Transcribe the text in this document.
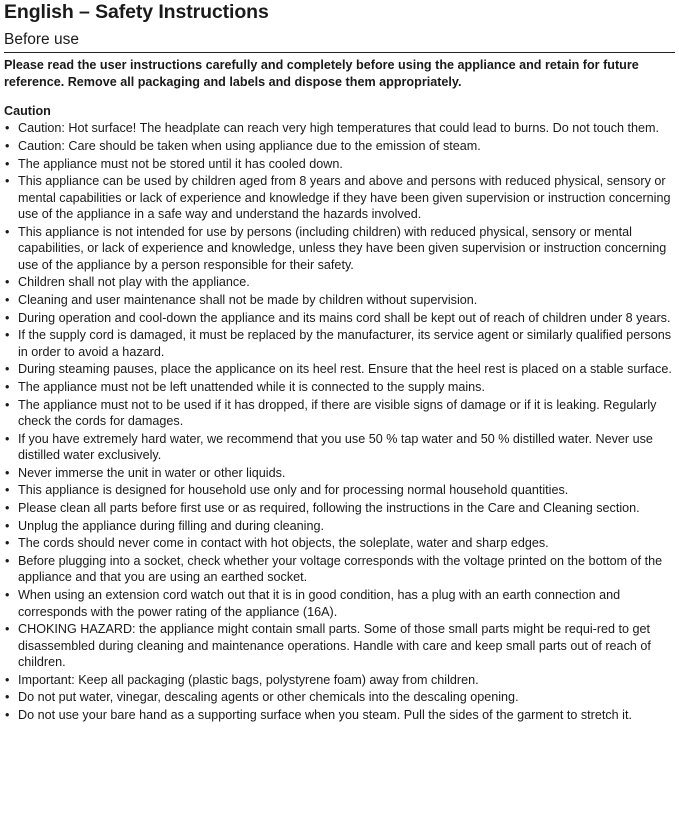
English – Safety Instructions
Before use

Please read the user instructions carefully and completely before using the appliance and retain for future reference. Remove all packaging and labels and dispose them appropriately.

Caution
• Caution: Hot surface! The headplate can reach very high temperatures that could lead to burns. Do not touch them.
• Caution: Care should be taken when using appliance due to the emission of steam.
• The appliance must not be stored until it has cooled down.
• This appliance can be used by children aged from 8 years and above and persons with reduced physical, sensory or mental capabilities or lack of experience and knowledge if they have been given supervision or instruction concerning use of the appliance in a safe way and understand the hazards involved.
• This appliance is not intended for use by persons (including children) with reduced physical, sensory or mental capabilities, or lack of experience and knowledge, unless they have been given supervision or instruction concerning use of the appliance by a person responsible for their safety.
• Children shall not play with the appliance.
• Cleaning and user maintenance shall not be made by children without supervision.
• During operation and cool-down the appliance and its mains cord shall be kept out of reach of children under 8 years.
• If the supply cord is damaged, it must be replaced by the manufacturer, its service agent or similarly qualified persons in order to avoid a hazard.
• During steaming pauses, place the applicance on its heel rest. Ensure that the heel rest is placed on a stable surface.
• The appliance must not be left unattended while it is connected to the supply mains.
• The appliance must not to be used if it has dropped, if there are visible signs of damage or if it is leaking. Regularly check the cords for damages.
• If you have extremely hard water, we recommend that you use 50 % tap water and 50 % distilled water. Never use distilled water exclusively.
• Never immerse the unit in water or other liquids.
• This appliance is designed for household use only and for processing normal household quantities.
• Please clean all parts before first use or as required, following the instructions in the Care and Cleaning section.
• Unplug the appliance during filling and during cleaning.
• The cords should never come in contact with hot objects, the soleplate, water and sharp edges.
• Before plugging into a socket, check whether your voltage corresponds with the voltage printed on the bottom of the appliance and that you are using an earthed socket.
• When using an extension cord watch out that it is in good condition, has a plug with an earth connection and corresponds with the power rating of the appliance (16A).
• CHOKING HAZARD: the appliance might contain small parts. Some of those small parts might be requi-red to get disassembled during cleaning and maintenance operations. Handle with care and keep small parts out of reach of children.
• Important: Keep all packaging (plastic bags, polystyrene foam) away from children.
• Do not put water, vinegar, descaling agents or other chemicals into the descaling opening.
• Do not use your bare hand as a supporting surface when you steam. Pull the sides of the garment to stretch it.
